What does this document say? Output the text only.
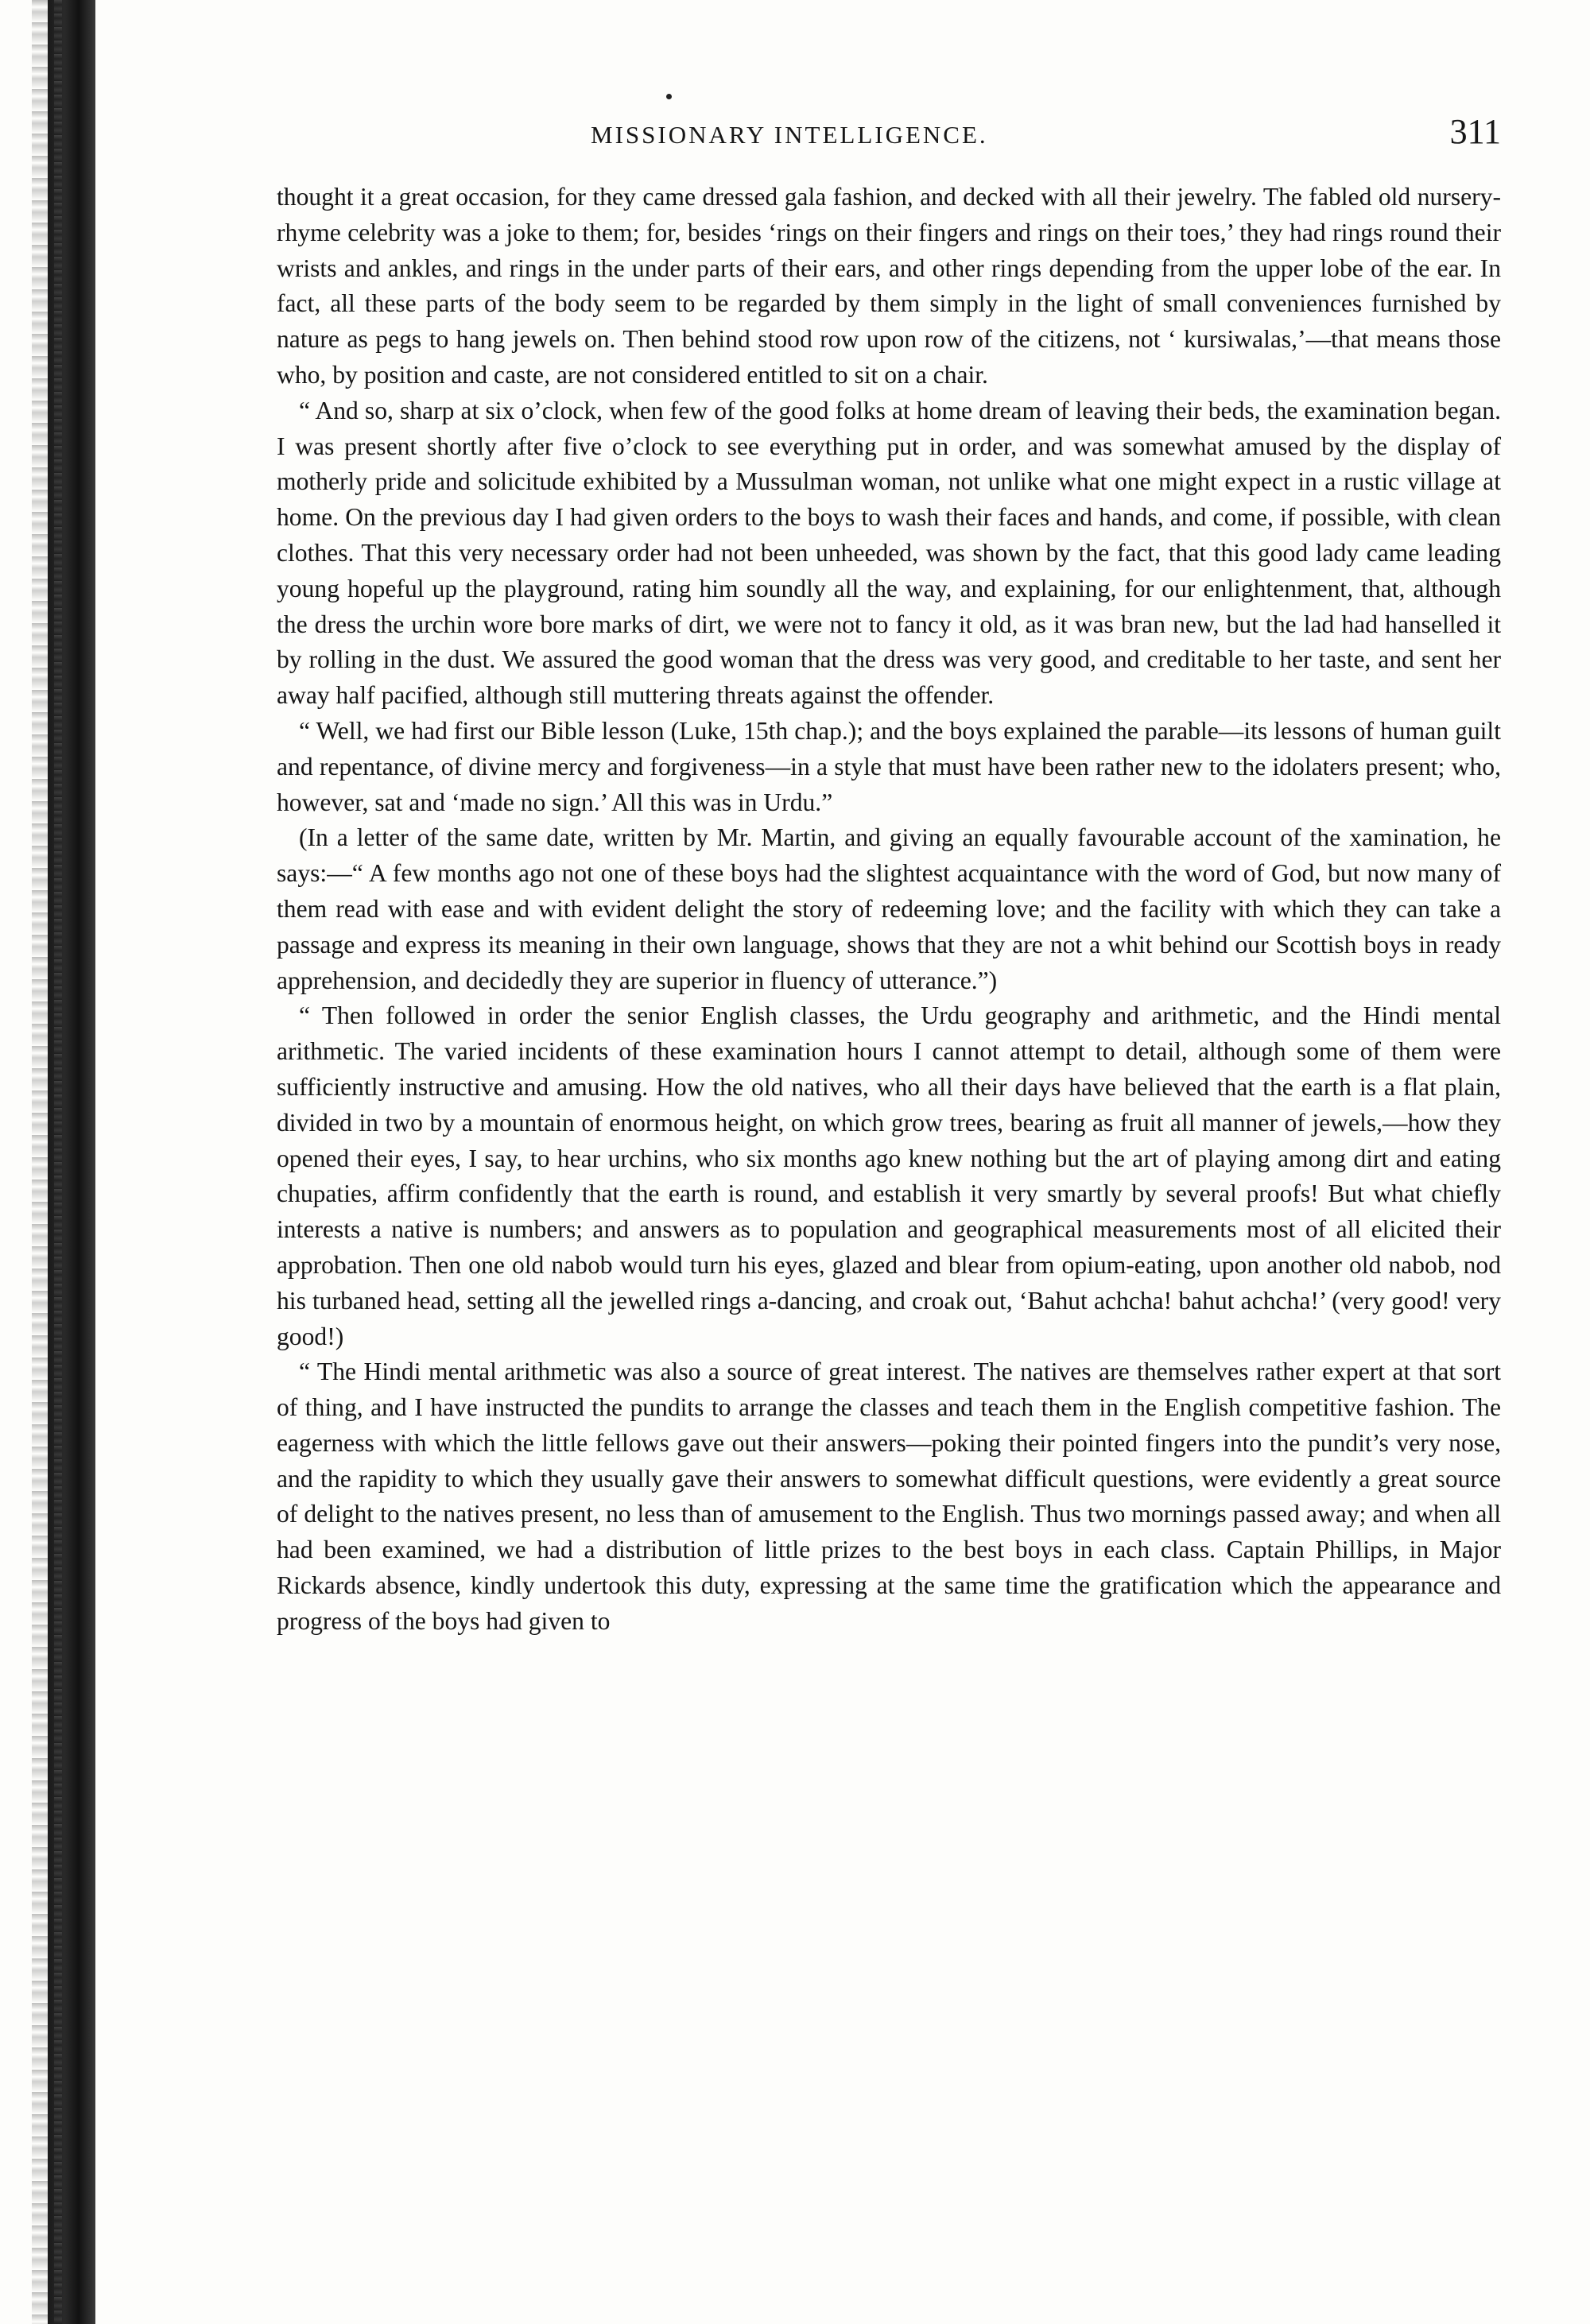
MISSIONARY INTELLIGENCE.	311

thought it a great occasion, for they came dressed gala fashion, and decked with all their jewelry. The fabled old nursery-rhyme celebrity was a joke to them; for, besides ‘rings on their fingers and rings on their toes,’ they had rings round their wrists and ankles, and rings in the under parts of their ears, and other rings depending from the upper lobe of the ear. In fact, all these parts of the body seem to be regarded by them simply in the light of small conveniences furnished by nature as pegs to hang jewels on. Then behind stood row upon row of the citizens, not ‘ kursiwalas,’—that means those who, by position and caste, are not considered entitled to sit on a chair.

“ And so, sharp at six o’clock, when few of the good folks at home dream of leaving their beds, the examination began. I was present shortly after five o’clock to see everything put in order, and was somewhat amused by the display of motherly pride and solicitude exhibited by a Mussulman woman, not unlike what one might expect in a rustic village at home. On the previous day I had given orders to the boys to wash their faces and hands, and come, if possible, with clean clothes. That this very necessary order had not been unheeded, was shown by the fact, that this good lady came leading young hopeful up the playground, rating him soundly all the way, and explaining, for our enlightenment, that, although the dress the urchin wore bore marks of dirt, we were not to fancy it old, as it was bran new, but the lad had hanselled it by rolling in the dust. We assured the good woman that the dress was very good, and creditable to her taste, and sent her away half pacified, although still muttering threats against the offender.

“ Well, we had first our Bible lesson (Luke, 15th chap.); and the boys explained the parable—its lessons of human guilt and repentance, of divine mercy and forgiveness—in a style that must have been rather new to the idolaters present; who, however, sat and ‘made no sign.’ All this was in Urdu.”

(In a letter of the same date, written by Mr. Martin, and giving an equally favourable account of the xamination, he says:—“ A few months ago not one of these boys had the slightest acquaintance with the word of God, but now many of them read with ease and with evident delight the story of redeeming love; and the facility with which they can take a passage and express its meaning in their own language, shows that they are not a whit behind our Scottish boys in ready apprehension, and decidedly they are superior in fluency of utterance.”)

“ Then followed in order the senior English classes, the Urdu geography and arithmetic, and the Hindi mental arithmetic. The varied incidents of these examination hours I cannot attempt to detail, although some of them were sufficiently instructive and amusing. How the old natives, who all their days have believed that the earth is a flat plain, divided in two by a mountain of enormous height, on which grow trees, bearing as fruit all manner of jewels,—how they opened their eyes, I say, to hear urchins, who six months ago knew nothing but the art of playing among dirt and eating chupaties, affirm confidently that the earth is round, and establish it very smartly by several proofs! But what chiefly interests a native is numbers; and answers as to population and geographical measurements most of all elicited their approbation. Then one old nabob would turn his eyes, glazed and blear from opium-eating, upon another old nabob, nod his turbaned head, setting all the jewelled rings a-dancing, and croak out, ‘Bahut achcha! bahut achcha!’ (very good! very good!)

“ The Hindi mental arithmetic was also a source of great interest. The natives are themselves rather expert at that sort of thing, and I have instructed the pundits to arrange the classes and teach them in the English competitive fashion. The eagerness with which the little fellows gave out their answers—poking their pointed fingers into the pundit’s very nose, and the rapidity to which they usually gave their answers to somewhat difficult questions, were evidently a great source of delight to the natives present, no less than of amusement to the English. Thus two mornings passed away; and when all had been examined, we had a distribution of little prizes to the best boys in each class. Captain Phillips, in Major Rickards absence, kindly undertook this duty, expressing at the same time the gratification which the appearance and progress of the boys had given to
